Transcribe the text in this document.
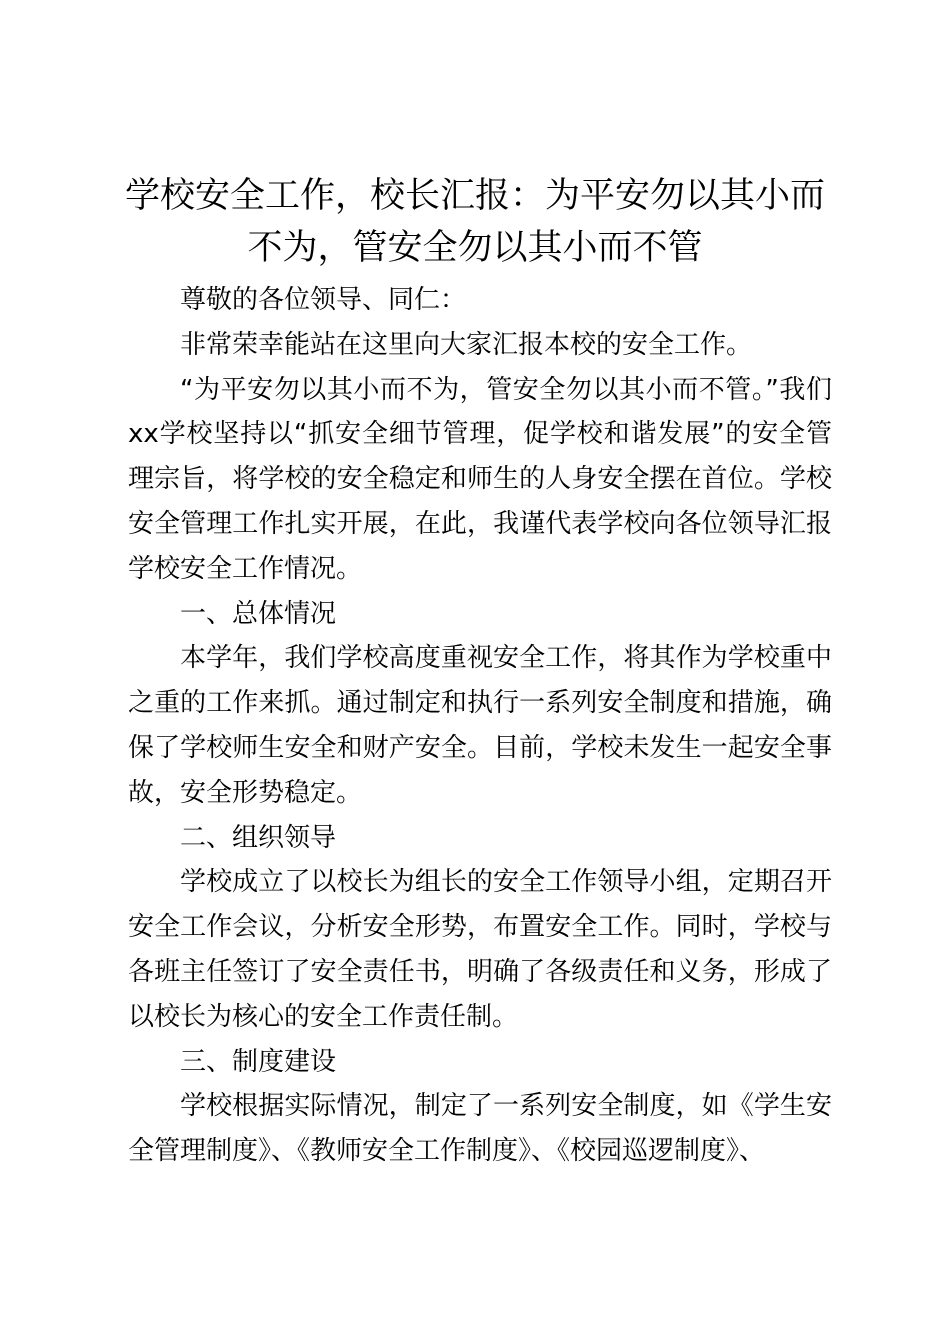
学校安全工作，校长汇报：为平安勿以其小而不为，管安全勿以其小而不管

尊敬的各位领导、同仁：

非常荣幸能站在这里向大家汇报本校的安全工作。

“为平安勿以其小而不为，管安全勿以其小而不管。”我们xx学校坚持以“抓安全细节管理，促学校和谐发展”的安全管理宗旨，将学校的安全稳定和师生的人身安全摆在首位。学校安全管理工作扎实开展，在此，我谨代表学校向各位领导汇报学校安全工作情况。

一、总体情况

本学年，我们学校高度重视安全工作，将其作为学校重中之重的工作来抓。通过制定和执行一系列安全制度和措施，确保了学校师生安全和财产安全。目前，学校未发生一起安全事故，安全形势稳定。

二、组织领导

学校成立了以校长为组长的安全工作领导小组，定期召开安全工作会议，分析安全形势，布置安全工作。同时，学校与各班主任签订了安全责任书，明确了各级责任和义务，形成了以校长为核心的安全工作责任制。

三、制度建设

学校根据实际情况，制定了一系列安全制度，如《学生安全管理制度》、《教师安全工作制度》、《校园巡逻制度》、
